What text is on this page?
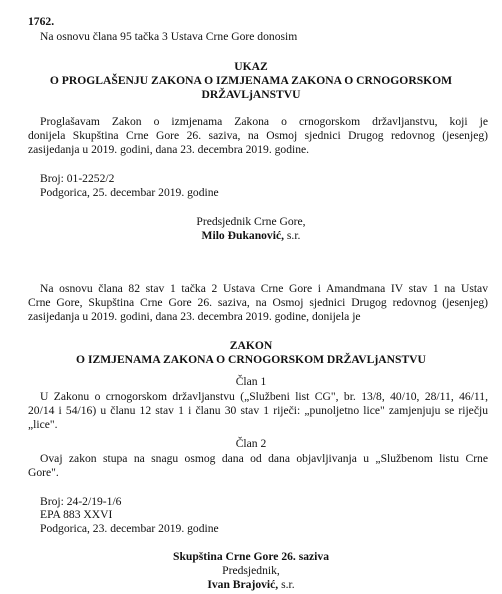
1762.
Na osnovu člana 95 tačka 3 Ustava Crne Gore donosim
UKAZ
O PROGLAŠENJU ZAKONA O IZMJENAMA ZAKONA O CRNOGORSKOM
DRŽAVLjANSTVU
Proglašavam Zakon o izmjenama Zakona o crnogorskom državljanstvu, koji je
donijela Skupština Crne Gore 26. saziva, na Osmoj sjednici Drugog redovnog (jesenjeg)
zasijedanja u 2019. godini, dana 23. decembra 2019. godine.
Broj: 01-2252/2
Podgorica, 25. decembar 2019. godine
Predsjednik Crne Gore,
Milo Đukanović, s.r.
Na osnovu člana 82 stav 1 tačka 2 Ustava Crne Gore i Amandmana IV stav 1 na Ustav
Crne Gore, Skupština Crne Gore 26. saziva, na Osmoj sjednici Drugog redovnog (jesenjeg)
zasijedanja u 2019. godini, dana 23. decembra 2019. godine, donijela je
ZAKON
O IZMJENAMA ZAKONA O CRNOGORSKOM DRŽAVLjANSTVU
Član 1
U Zakonu o crnogorskom državljanstvu („Službeni list CG", br. 13/8, 40/10, 28/11, 46/11,
20/14 i 54/16) u članu 12 stav 1 i članu 30 stav 1 riječi: „punoljetno lice" zamjenjuju se riječju
„lice".
Član 2
Ovaj zakon stupa na snagu osmog dana od dana objavljivanja u „Službenom listu Crne
Gore".
Broj: 24-2/19-1/6
EPA 883 XXVI
Podgorica, 23. decembar 2019. godine
Skupština Crne Gore 26. saziva
Predsjednik,
Ivan Brajović, s.r.
